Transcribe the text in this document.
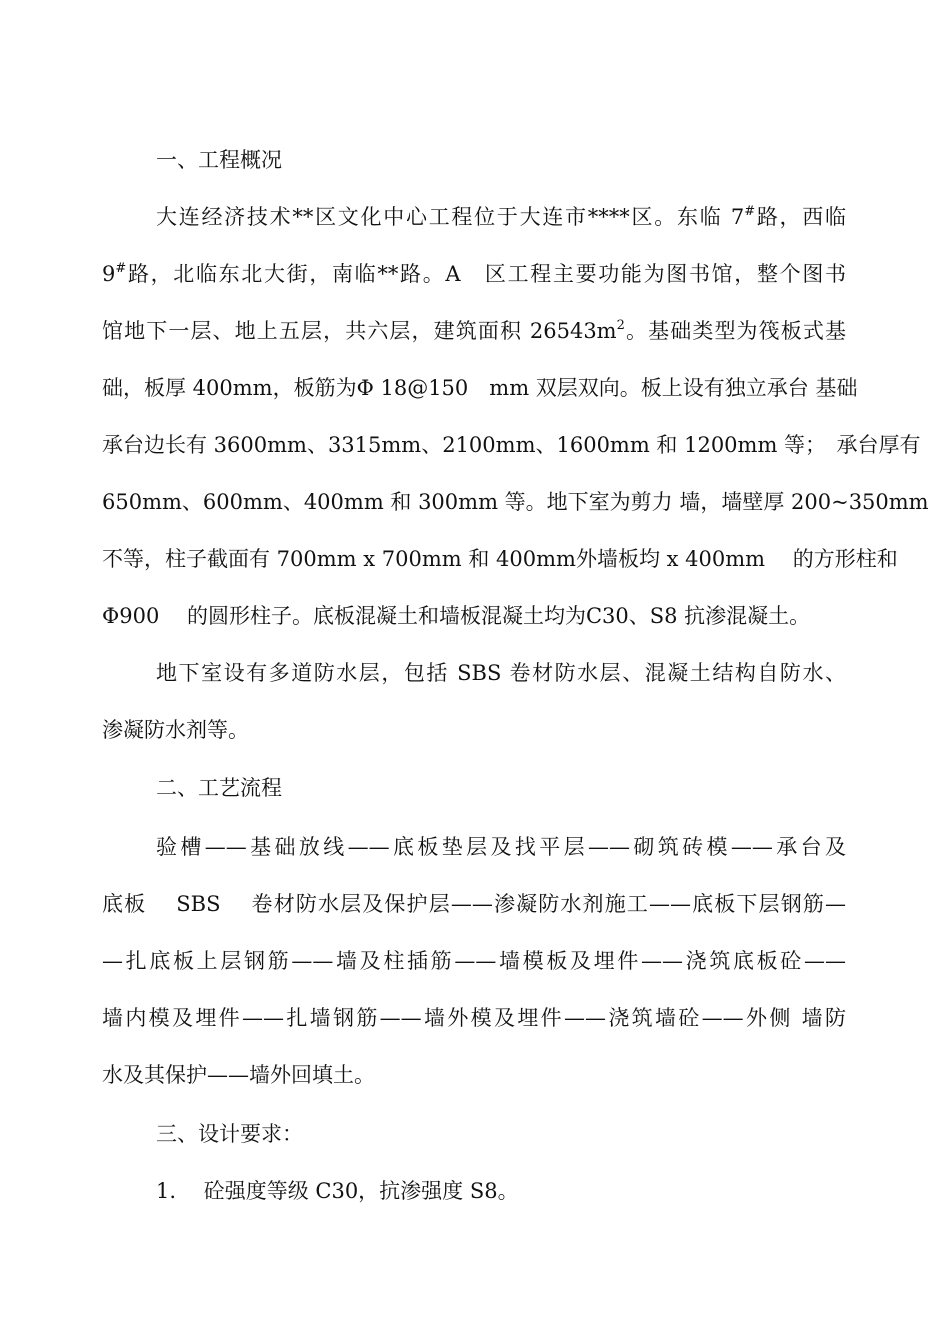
一、工程概况
大连经济技术**区文化中心工程位于大连市****区。东临 7#路，西临
9#路，北临东北大街，南临**路。A　区工程主要功能为图书馆，整个图书
馆地下一层、地上五层，共六层，建筑面积 $26543m^2$。基础类型为筏板式基
础，板厚 400mm，板筋为Φ 18@150　mm 双层双向。板上设有独立承台 基础
承台边长有 3600mm、3315mm、2100mm、1600mm 和 1200mm 等；　承台厚有
650mm、600mm、400mm 和 300mm 等。地下室为剪力 墙，墙壁厚 200~350mm
不等，柱子截面有 700mm x 700mm 和 400mm外墙板均 x 400mm　 的方形柱和
Φ900　 的圆形柱子。底板混凝土和墙板混凝土均为C30、S8 抗渗混凝土。
地下室设有多道防水层，包括 SBS 卷材防水层、混凝土结构自防水、
渗凝防水剂等。
二、工艺流程
验槽——基础放线——底板垫层及找平层——砌筑砖模——承台及
底板　 SBS　 卷材防水层及保护层——渗凝防水剂施工——底板下层钢筋—
—扎底板上层钢筋——墙及柱插筋——墙模板及埋件——浇筑底板砼——
墙内模及埋件——扎墙钢筋——墙外模及埋件——浇筑墙砼——外侧 墙防
水及其保护——墙外回填土。
三、设计要求：
1.　 砼强度等级 C30，抗渗强度 S8。
